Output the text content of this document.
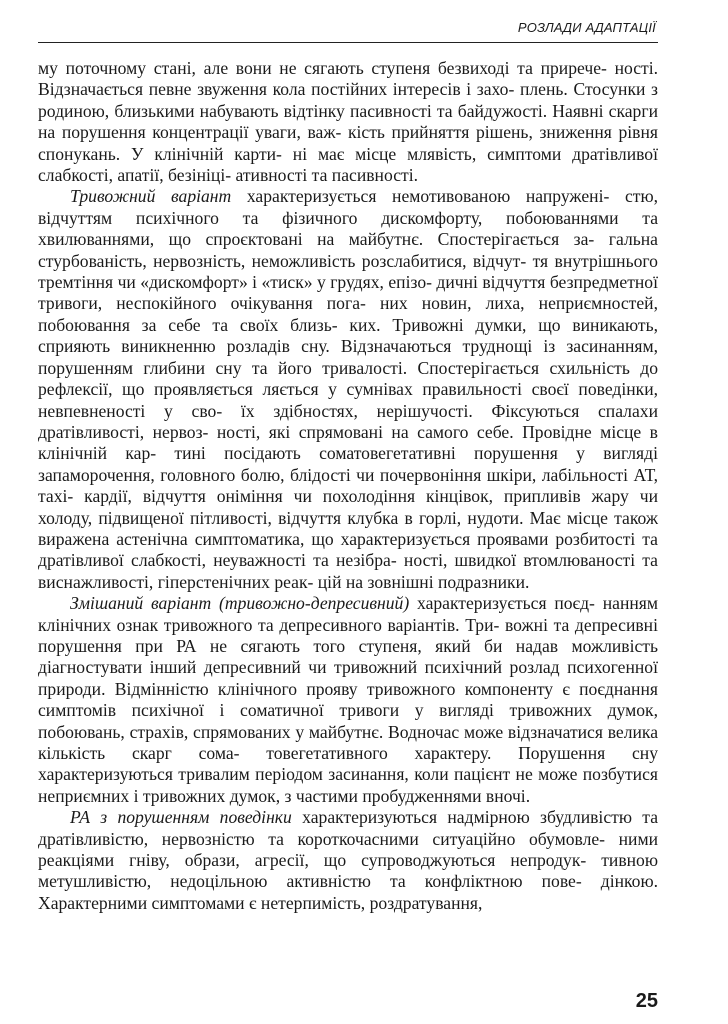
РОЗЛАДИ АДАПТАЦІЇ

му поточному стані, але вони не сягають ступеня безвиході та приречe- ності. Відзначається певне звуження кола постійних інтересів і захо- плень. Стосунки з родиною, близькими набувають відтінку пасивності та байдужості. Наявні скарги на порушення концентрації уваги, важ- кість прийняття рішень, зниження рівня спонукань. У клінічній карти- ні має місце млявість, симптоми дратівливої слабкості, апатії, безініці- ативності та пасивності.

Тривожний варіант характеризується немотивованою напружені- стю, відчуттям психічного та фізичного дискомфорту, побоюваннями та хвилюваннями, що спроєктовані на майбутнє. Спостерігається за- гальна стурбованість, нервозність, неможливість розслабитися, відчут- тя внутрішнього тремтіння чи «дискомфорт» і «тиск» у грудях, епізо- дичні відчуття безпредметної тривоги, неспокійного очікування пога- них новин, лиха, неприємностей, побоювання за себе та своїх близь- ких. Тривожні думки, що виникають, сприяють виникненню розладів сну. Відзначаються труднощі із засинанням, порушенням глибини сну та його тривалості. Спостерігається схильність до рефлексії, що проявляється ляється у сумнівах правильності своєї поведінки, невпевненості у сво- їх здібностях, нерішучості. Фіксуються спалахи дратівливості, нервоз- ності, які спрямовані на самого себе. Провідне місце в клінічній кар- тині посідають соматовегетативні порушення у вигляді запаморочення, головного болю, блідості чи почервоніння шкіри, лабільності АТ, тахі- кардії, відчуття оніміння чи похолодіння кінцівок, припливів жару чи холоду, підвищеної пітливості, відчуття клубка в горлі, нудоти. Має місце також виражена астенічна симптоматика, що характеризується проявами розбитості та дратівливої слабкості, неуважності та незібра- ності, швидкої втомлюваності та виснажливості, гіперстенічних реак- цій на зовнішні подразники.

Змішаний варіант (тривожно-депресивний) характеризується поєд- нанням клінічних ознак тривожного та депресивного варіантів. Три- вожні та депресивні порушення при РА не сягають того ступеня, який би надав можливість діагностувати інший депресивний чи тривожний психічний розлад психогенної природи. Відмінністю клінічного прояву тривожного компоненту є поєднання симптомів психічної і соматичної тривоги у вигляді тривожних думок, побоювань, страхів, спрямованих у майбутнє. Водночас може відзначатися велика кількість скарг сома- товегетативного характеру. Порушення сну характеризуються тривалим періодом засинання, коли пацієнт не може позбутися неприємних і тривожних думок, з частими пробудженнями вночі.

РА з порушенням поведінки характеризуються надмірною збудливістю та дратівливістю, нервозністю та короткочасними ситуаційно обумовле- ними реакціями гніву, образи, агресії, що супроводжуються непродук- тивною метушливістю, недоцільною активністю та конфліктною пове- дінкою. Характерними симптомами є нетерпимість, роздратування,

25
